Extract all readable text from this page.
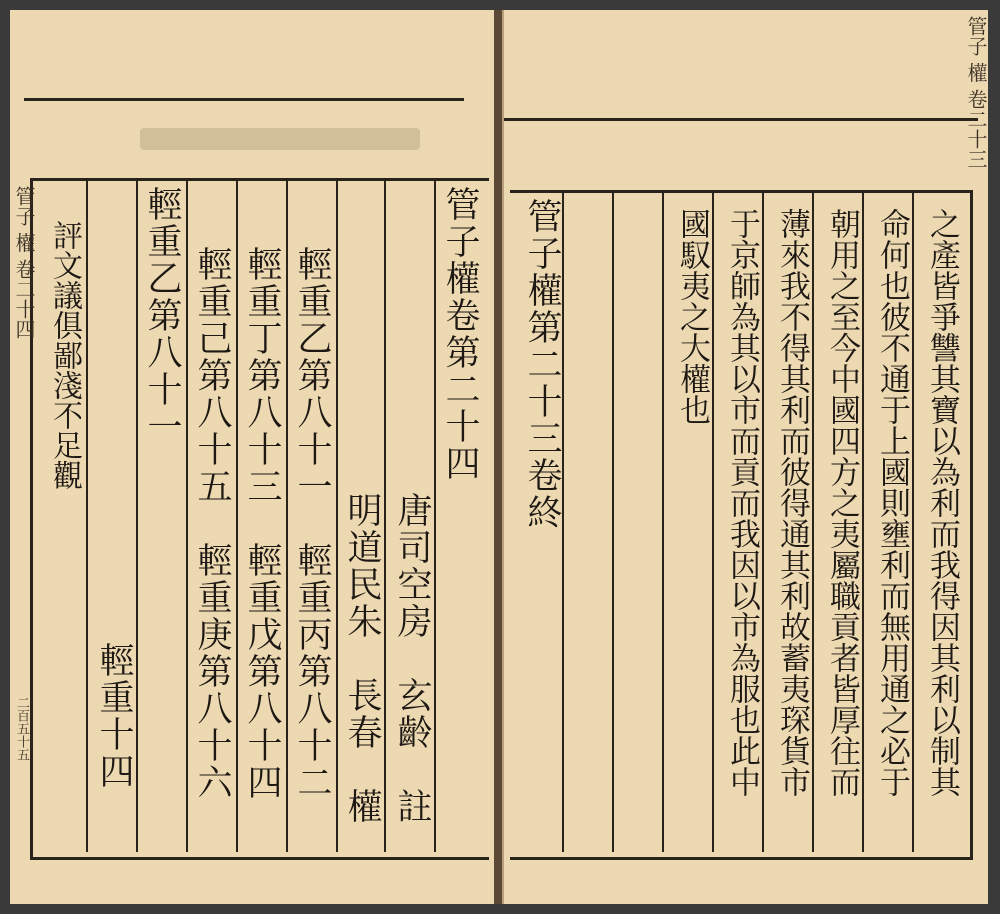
管子權卷第二十四
唐司空房　玄齡　註
明道民朱　長春　權
輕重乙第八十一　輕重丙第八十二
輕重丁第八十三　輕重戊第八十四
輕重己第八十五　輕重庚第八十六
輕重乙第八十一
輕重十四
評文議俱鄙淺不足觀
管子 權 卷二十四
二百五十五	之產皆爭讐其寶以為利而我得因其利以制其
命何也彼不通于上國則壅利而無用通之必于
朝用之至今中國四方之夷屬職貢者皆厚往而
薄來我不得其利而彼得通其利故蓄夷琛貨市
于京師為其以市而貢而我因以市為服也此中
國馭夷之大權也
管子權第二十三卷終
管子 權 卷二十三
